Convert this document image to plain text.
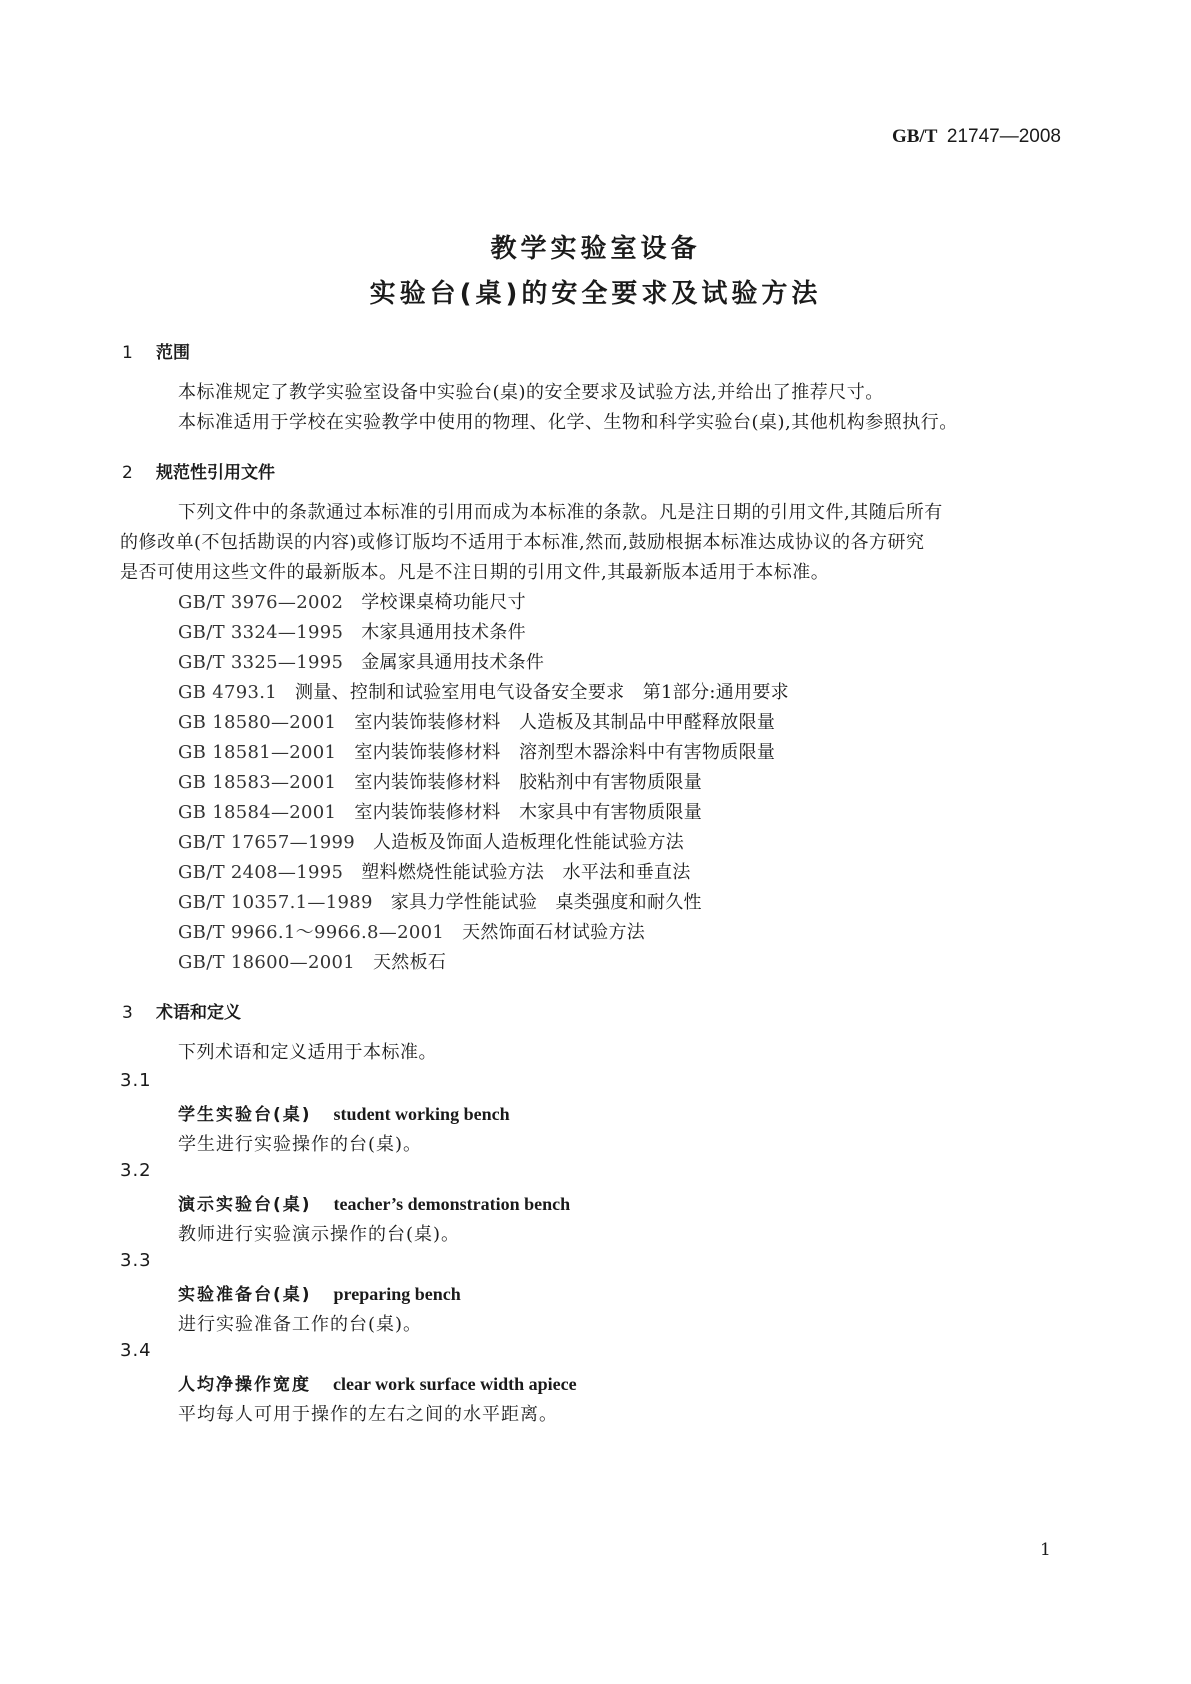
GB/T 21747—2008
教学实验室设备
实验台(桌)的安全要求及试验方法
1 范围
本标准规定了教学实验室设备中实验台(桌)的安全要求及试验方法,并给出了推荐尺寸。
本标准适用于学校在实验教学中使用的物理、化学、生物和科学实验台(桌),其他机构参照执行。
2 规范性引用文件
下列文件中的条款通过本标准的引用而成为本标准的条款。凡是注日期的引用文件,其随后所有
的修改单(不包括勘误的内容)或修订版均不适用于本标准,然而,鼓励根据本标准达成协议的各方研究
是否可使用这些文件的最新版本。凡是不注日期的引用文件,其最新版本适用于本标准。
GB/T 3976—2002 学校课桌椅功能尺寸
GB/T 3324—1995 木家具通用技术条件
GB/T 3325—1995 金属家具通用技术条件
GB 4793.1 测量、控制和试验室用电气设备安全要求　第1部分:通用要求
GB 18580—2001 室内装饰装修材料　人造板及其制品中甲醛释放限量
GB 18581—2001 室内装饰装修材料　溶剂型木器涂料中有害物质限量
GB 18583—2001 室内装饰装修材料　胶粘剂中有害物质限量
GB 18584—2001 室内装饰装修材料　木家具中有害物质限量
GB/T 17657—1999 人造板及饰面人造板理化性能试验方法
GB/T 2408—1995 塑料燃烧性能试验方法　水平法和垂直法
GB/T 10357.1—1989 家具力学性能试验　桌类强度和耐久性
GB/T 9966.1～9966.8—2001 天然饰面石材试验方法
GB/T 18600—2001 天然板石
3 术语和定义
下列术语和定义适用于本标准。
3.1
学生实验台(桌) student working bench
学生进行实验操作的台(桌)。
3.2
演示实验台(桌) teacher’s demonstration bench
教师进行实验演示操作的台(桌)。
3.3
实验准备台(桌) preparing bench
进行实验准备工作的台(桌)。
3.4
人均净操作宽度 clear work surface width apiece
平均每人可用于操作的左右之间的水平距离。
1
